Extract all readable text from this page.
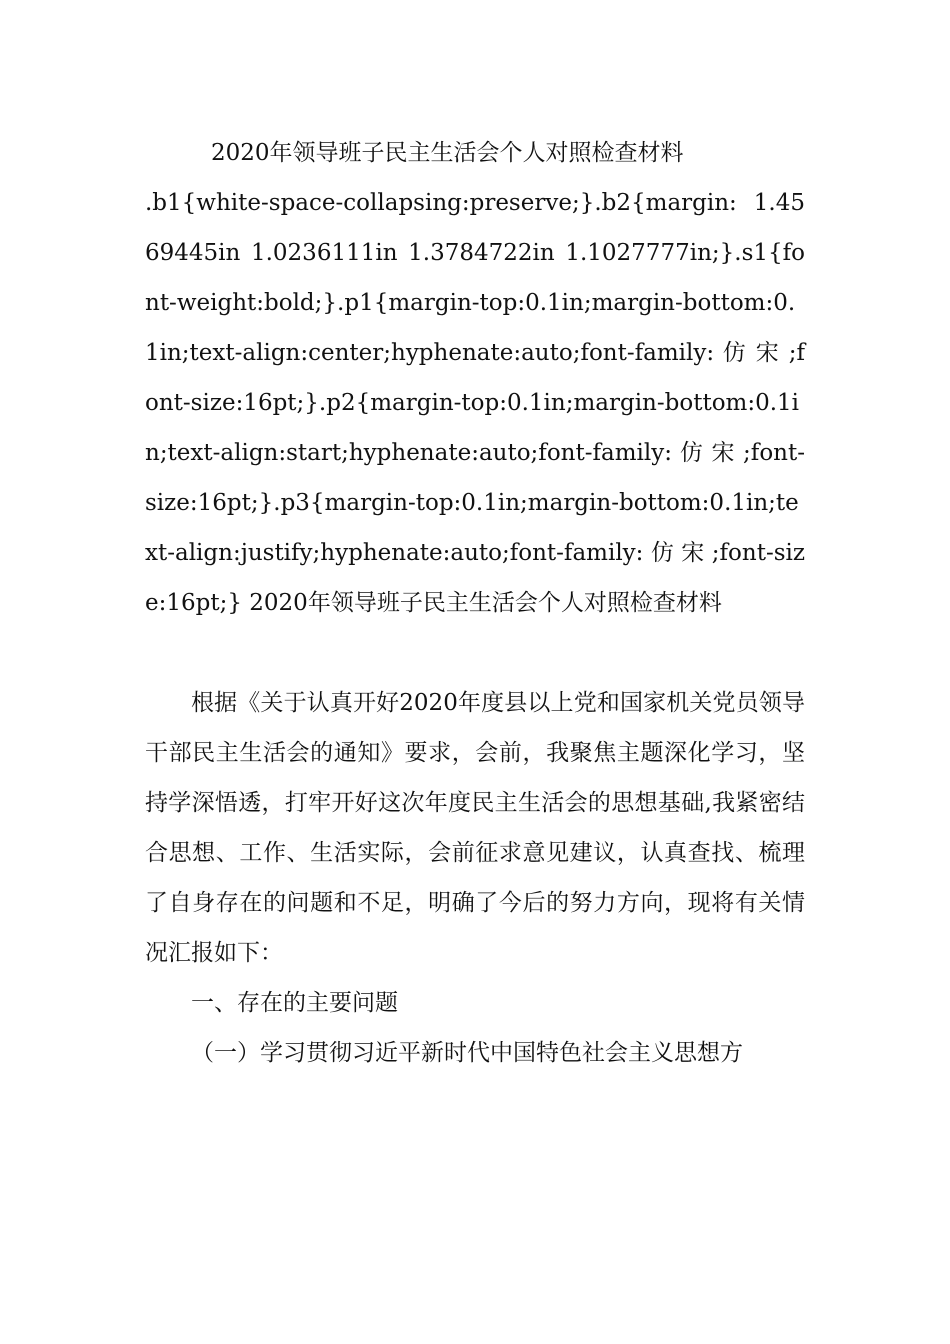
2020年领导班子民主生活会个人对照检查材料
.b1{white-space-collapsing:preserve;}.b2{margin: 1.4569445in 1.0236111in 1.3784722in 1.1027777in;}.s1{font-weight:bold;}.p1{margin-top:0.1in;margin-bottom:0.1in;text-align:center;hyphenate:auto;font-family: 仿 宋 ;font-size:16pt;}.p2{margin-top:0.1in;margin-bottom:0.1in;text-align:start;hyphenate:auto;font-family: 仿 宋 ;font-size:16pt;}.p3{margin-top:0.1in;margin-bottom:0.1in;text-align:justify;hyphenate:auto;font-family: 仿 宋 ;font-size:16pt;} 2020年领导班子民主生活会个人对照检查材料

根据《关于认真开好2020年度县以上党和国家机关党员领导干部民主生活会的通知》要求，会前，我聚焦主题深化学习，坚持学深悟透，打牢开好这次年度民主生活会的思想基础,我紧密结合思想、工作、生活实际，会前征求意见建议，认真查找、梳理了自身存在的问题和不足，明确了今后的努力方向，现将有关情况汇报如下：

一、存在的主要问题

（一）学习贯彻习近平新时代中国特色社会主义思想方
